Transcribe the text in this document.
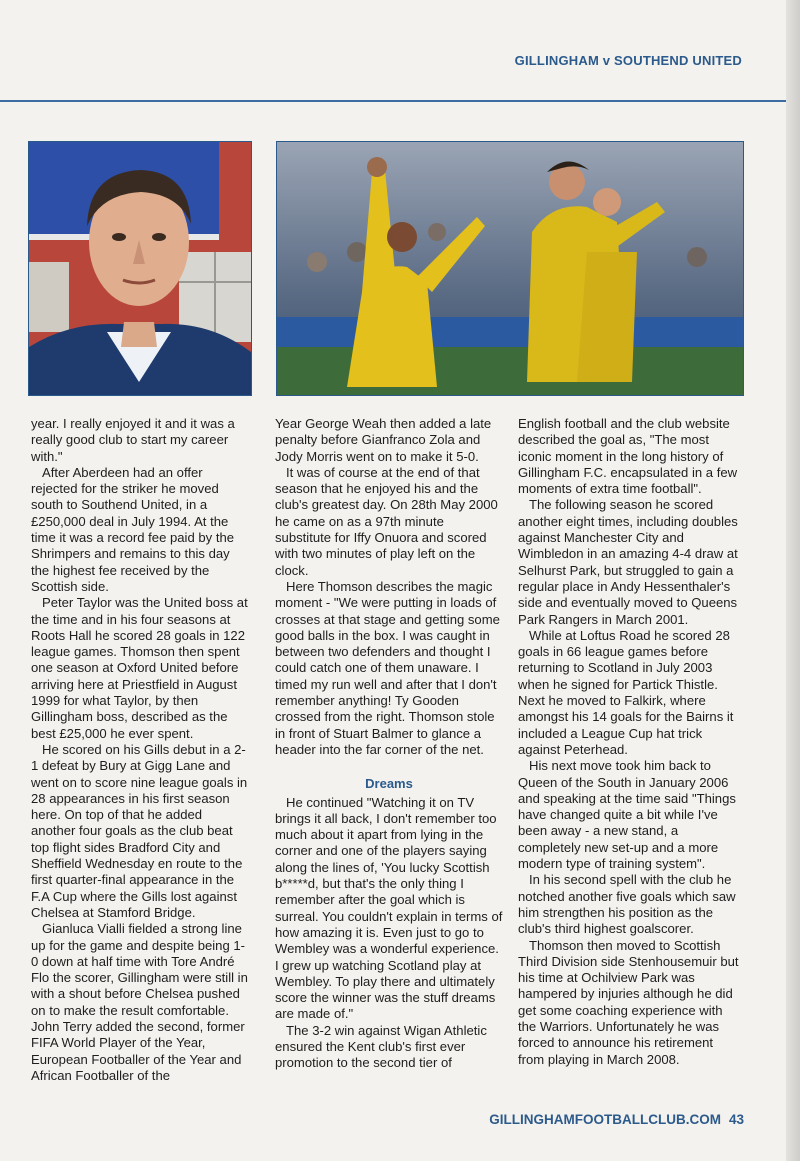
GILLINGHAM v SOUTHEND UNITED

year. I really enjoyed it and it was a really good club to start my career with."

After Aberdeen had an offer rejected for the striker he moved south to Southend United, in a £250,000 deal in July 1994. At the time it was a record fee paid by the Shrimpers and remains to this day the highest fee received by the Scottish side.

Peter Taylor was the United boss at the time and in his four seasons at Roots Hall he scored 28 goals in 122 league games. Thomson then spent one season at Oxford United before arriving here at Priestfield in August 1999 for what Taylor, by then Gillingham boss, described as the best £25,000 he ever spent.

He scored on his Gills debut in a 2-1 defeat by Bury at Gigg Lane and went on to score nine league goals in 28 appearances in his first season here. On top of that he added another four goals as the club beat top flight sides Bradford City and Sheffield Wednesday en route to the first quarter-final appearance in the F.A Cup where the Gills lost against Chelsea at Stamford Bridge.

Gianluca Vialli fielded a strong line up for the game and despite being 1-0 down at half time with Tore André Flo the scorer, Gillingham were still in with a shout before Chelsea pushed on to make the result comfortable. John Terry added the second, former FIFA World Player of the Year, European Footballer of the Year and African Footballer of the

Year George Weah then added a late penalty before Gianfranco Zola and Jody Morris went on to make it 5-0.

It was of course at the end of that season that he enjoyed his and the club's greatest day. On 28th May 2000 he came on as a 97th minute substitute for Iffy Onuora and scored with two minutes of play left on the clock.

Here Thomson describes the magic moment - "We were putting in loads of crosses at that stage and getting some good balls in the box. I was caught in between two defenders and thought I could catch one of them unaware. I timed my run well and after that I don't remember anything! Ty Gooden crossed from the right. Thomson stole in front of Stuart Balmer to glance a header into the far corner of the net.

Dreams

He continued "Watching it on TV brings it all back, I don't remember too much about it apart from lying in the corner and one of the players saying along the lines of, 'You lucky Scottish b*****d, but that's the only thing I remember after the goal which is surreal. You couldn't explain in terms of how amazing it is. Even just to go to Wembley was a wonderful experience. I grew up watching Scotland play at Wembley. To play there and ultimately score the winner was the stuff dreams are made of."

The 3-2 win against Wigan Athletic ensured the Kent club's first ever promotion to the second tier of

English football and the club website described the goal as, "The most iconic moment in the long history of Gillingham F.C. encapsulated in a few moments of extra time football".

The following season he scored another eight times, including doubles against Manchester City and Wimbledon in an amazing 4-4 draw at Selhurst Park, but struggled to gain a regular place in Andy Hessenthaler's side and eventually moved to Queens Park Rangers in March 2001.

While at Loftus Road he scored 28 goals in 66 league games before returning to Scotland in July 2003 when he signed for Partick Thistle. Next he moved to Falkirk, where amongst his 14 goals for the Bairns it included a League Cup hat trick against Peterhead.

His next move took him back to Queen of the South in January 2006 and speaking at the time said "Things have changed quite a bit while I've been away - a new stand, a completely new set-up and a more modern type of training system".

In his second spell with the club he notched another five goals which saw him strengthen his position as the club's third highest goalscorer.

Thomson then moved to Scottish Third Division side Stenhousemuir but his time at Ochilview Park was hampered by injuries although he did get some coaching experience with the Warriors. Unfortunately he was forced to announce his retirement from playing in March 2008.

GILLINGHAMFOOTBALLCLUB.COM 43
